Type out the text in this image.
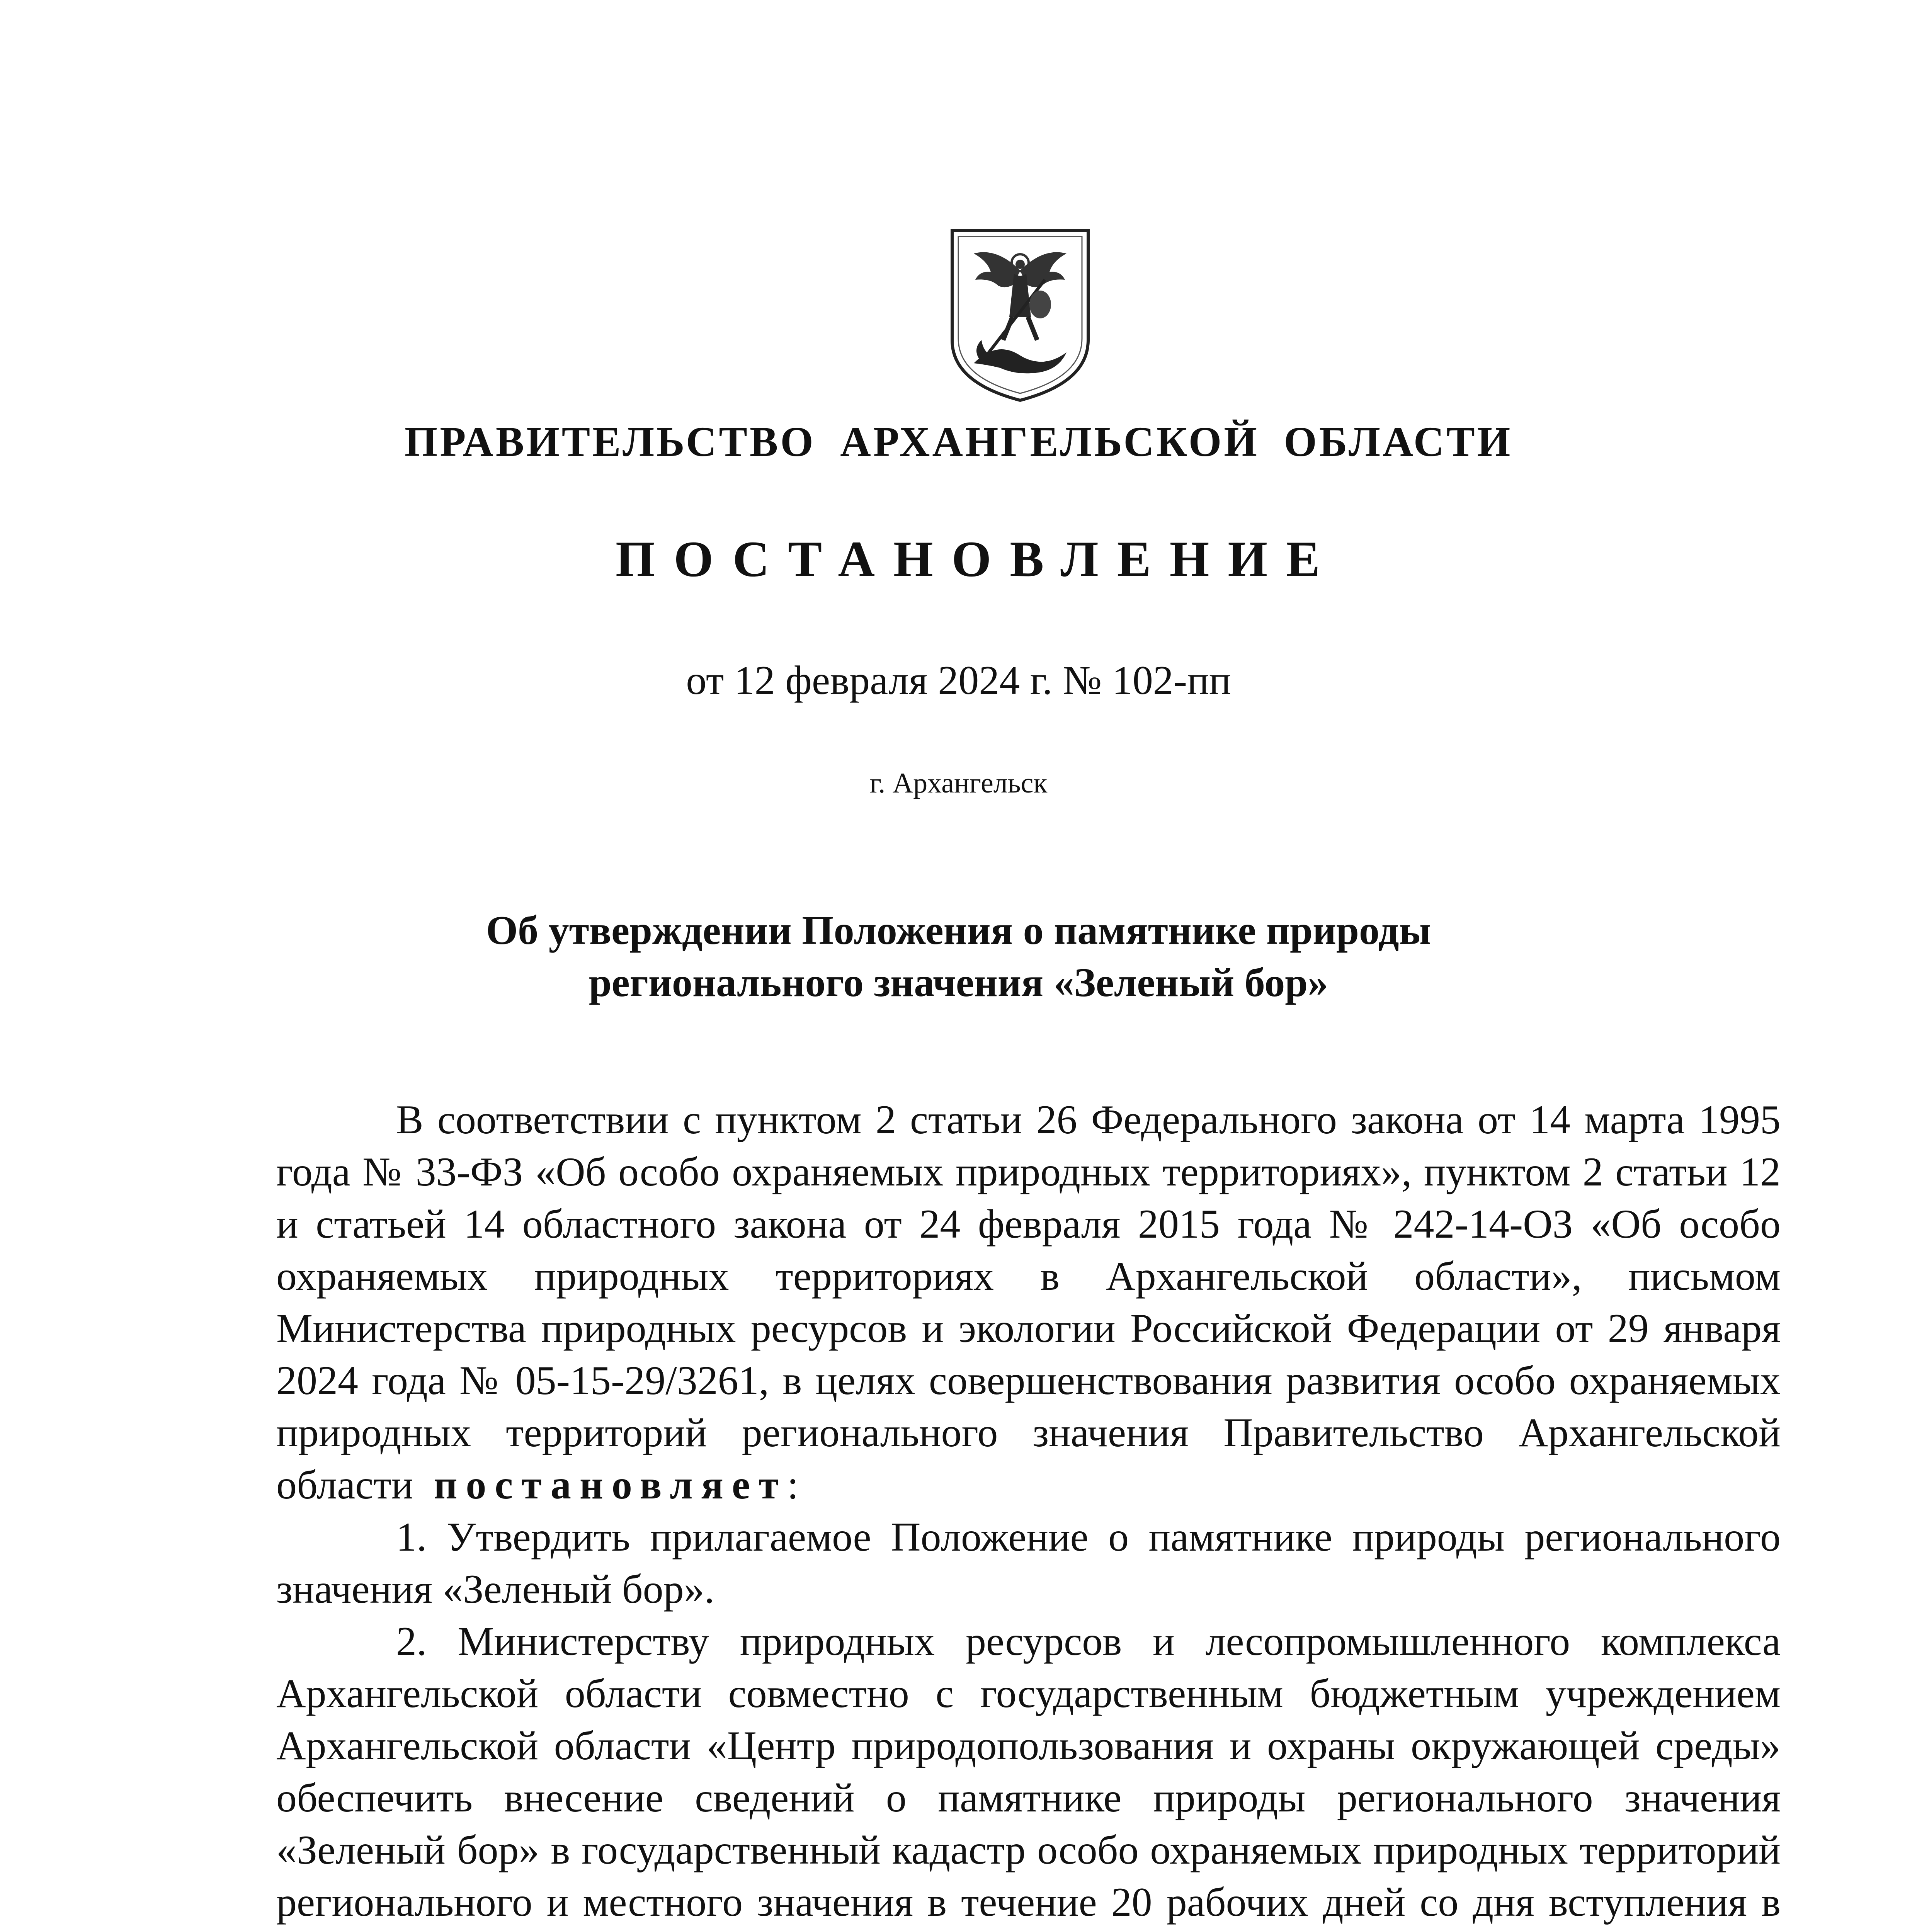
ПРАВИТЕЛЬСТВО АРХАНГЕЛЬСКОЙ ОБЛАСТИ
ПОСТАНОВЛЕНИЕ
от 12 февраля 2024 г. № 102-пп
г. Архангельск
Об утверждении Положения о памятнике природы
регионального значения «Зеленый бор»

В соответствии с пунктом 2 статьи 26 Федерального закона от 14 марта 1995 года № 33-ФЗ «Об особо охраняемых природных территориях», пунктом 2 статьи 12 и статьей 14 областного закона от 24 февраля 2015 года № 242-14-ОЗ «Об особо охраняемых природных территориях в Архангельской области», письмом Министерства природных ресурсов и экологии Российской Федерации от 29 января 2024 года № 05-15-29/3261, в целях совершенствования развития особо охраняемых природных территорий регионального значения Правительство Архангельской области постановляет:

1. Утвердить прилагаемое Положение о памятнике природы регионального значения «Зеленый бор».

2. Министерству природных ресурсов и лесопромышленного комплекса Архангельской области совместно с государственным бюджетным учреждением Архангельской области «Центр природопользования и охраны окружающей среды» обеспечить внесение сведений о памятнике природы регионального значения «Зеленый бор» в государственный кадастр особо охраняемых природных территорий регионального и местного значения в течение 20 рабочих дней со дня вступления в
